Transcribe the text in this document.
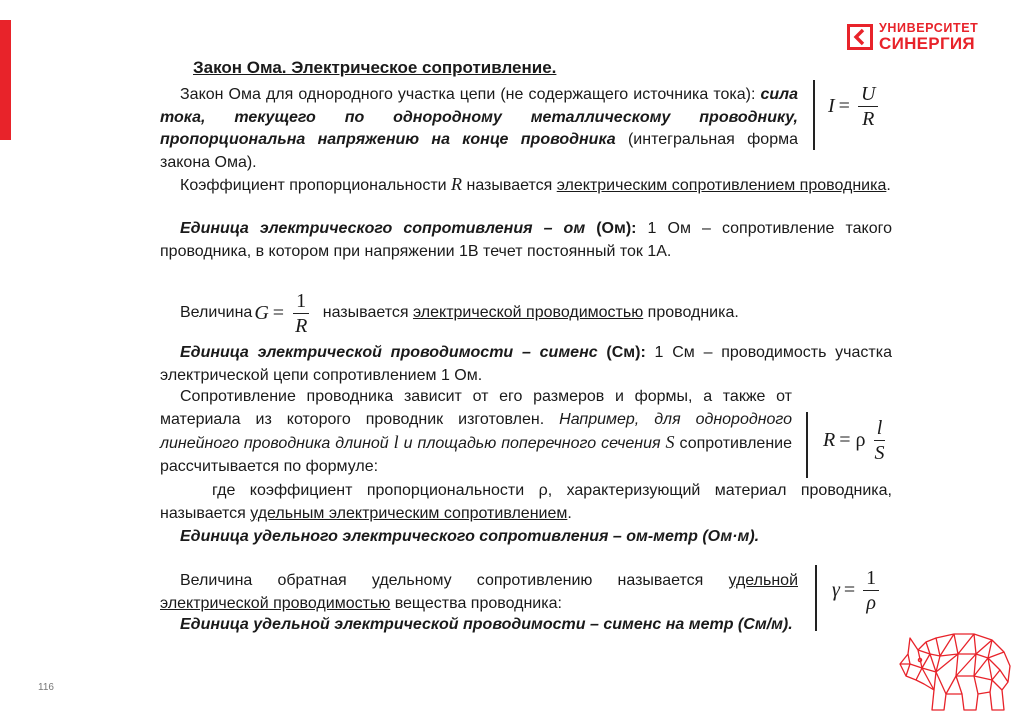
УНИВЕРСИТЕТ
СИНЕРГИЯ
Закон Ома. Электрическое сопротивление.
Закон Ома для однородного участка цепи (не содержащего источника тока): сила тока, текущего по однородному металлическому проводнику, пропорциональна напряжению на конце проводника (интегральная форма закона Ома).
$I = \frac{U}{R}$
Коэффициент пропорциональности R называется электрическим сопротивлением проводника.
Единица электрического сопротивления – ом (Ом): 1 Ом – сопротивление такого проводника, в котором при напряжении 1В течет постоянный ток 1А.
Величина $G = \frac{1}{R}$ называется электрической проводимостью проводника.
Единица электрической проводимости – сименс (См): 1 См – проводимость участка электрической цепи сопротивлением 1 Ом.
Сопротивление проводника зависит от его размеров и формы, а также от материала из которого проводник изготовлен. Например, для однородного линейного проводника длиной l и площадью поперечного сечения S сопротивление рассчитывается по формуле:
R = ρ $\frac{l}{S}$
где коэффициент пропорциональности ρ, характеризующий материал проводника, называется удельным электрическим сопротивлением.
Единица удельного электрического сопротивления – ом-метр (Ом·м).
Величина обратная удельному сопротивлению называется удельной электрической проводимостью вещества проводника:
$\gamma = \frac{1}{\rho}$
Единица удельной электрической проводимости – сименс на метр (См/м).
116
